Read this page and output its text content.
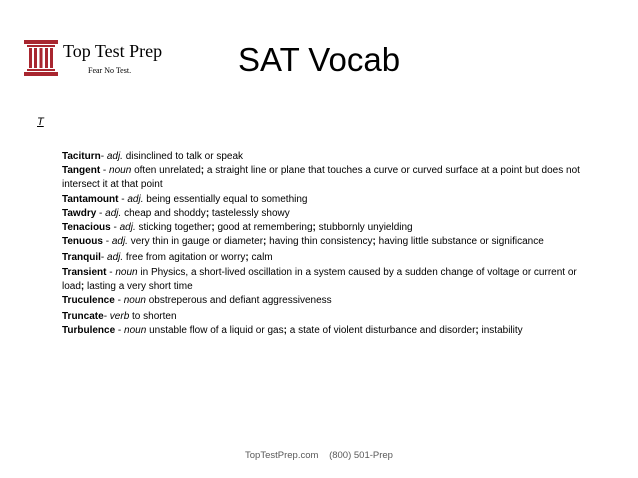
Top Test Prep
Fear No Test.	SAT Vocab
T

Taciturn- adj. disinclined to talk or speak

Tangent - noun often unrelated; a straight line or plane that touches a curve or curved surface at a point but does not intersect it at that point

Tantamount - adj. being essentially equal to something

Tawdry - adj. cheap and shoddy; tastelessly showy

Tenacious - adj. sticking together; good at remembering; stubbornly unyielding

Tenuous - adj. very thin in gauge or diameter; having thin consistency; having little substance or significance

Tranquil- adj. free from agitation or worry; calm

Transient - noun in Physics, a short-lived oscillation in a system caused by a sudden change of voltage or current or load; lasting a very short time

Truculence - noun obstreperous and defiant aggressiveness

Truncate- verb to shorten

Turbulence - noun unstable flow of a liquid or gas; a state of violent disturbance and disorder; instability

TopTestPrep.com (800) 501-Prep
